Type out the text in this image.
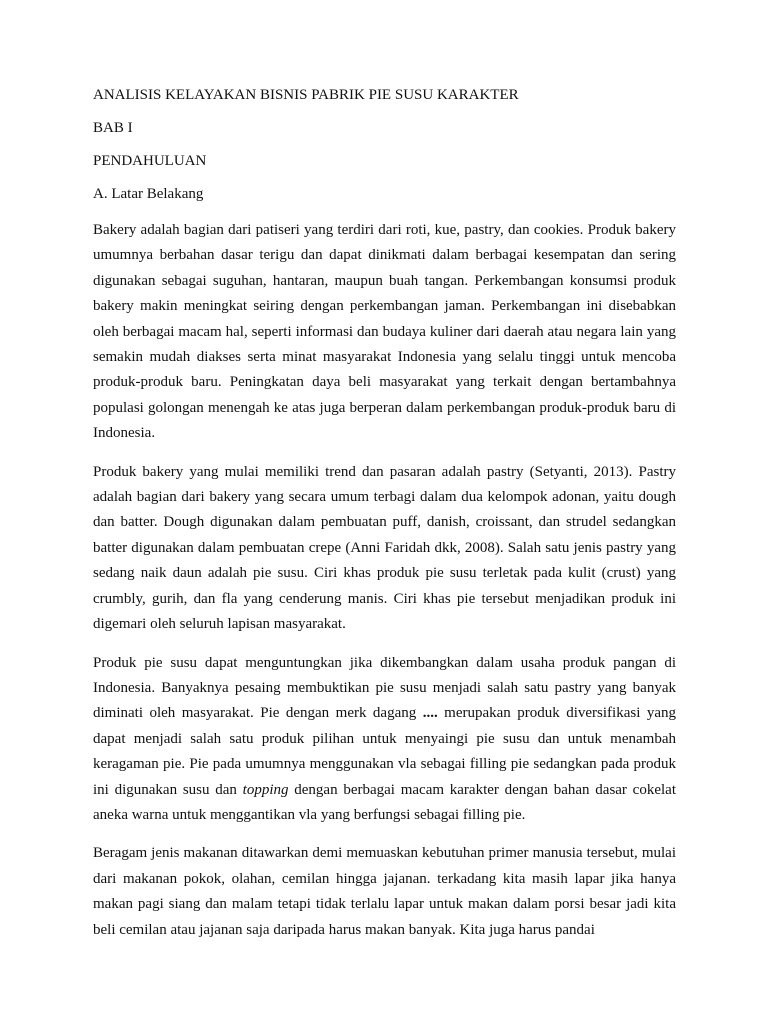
ANALISIS KELAYAKAN BISNIS PABRIK PIE SUSU KARAKTER

BAB I

PENDAHULUAN

A. Latar Belakang

Bakery adalah bagian dari patiseri yang terdiri dari roti, kue, pastry, dan cookies. Produk bakery umumnya berbahan dasar terigu dan dapat dinikmati dalam berbagai kesempatan dan sering digunakan sebagai suguhan, hantaran, maupun buah tangan. Perkembangan konsumsi produk bakery makin meningkat seiring dengan perkembangan jaman. Perkembangan ini disebabkan oleh berbagai macam hal, seperti informasi dan budaya kuliner dari daerah atau negara lain yang semakin mudah diakses serta minat masyarakat Indonesia yang selalu tinggi untuk mencoba produk-produk baru. Peningkatan daya beli masyarakat yang terkait dengan bertambahnya populasi golongan menengah ke atas juga berperan dalam perkembangan produk-produk baru di Indonesia.

Produk bakery yang mulai memiliki trend dan pasaran adalah pastry (Setyanti, 2013). Pastry adalah bagian dari bakery yang secara umum terbagi dalam dua kelompok adonan, yaitu dough dan batter. Dough digunakan dalam pembuatan puff, danish, croissant, dan strudel sedangkan batter digunakan dalam pembuatan crepe (Anni Faridah dkk, 2008). Salah satu jenis pastry yang sedang naik daun adalah pie susu. Ciri khas produk pie susu terletak pada kulit (crust) yang crumbly, gurih, dan fla yang cenderung manis. Ciri khas pie tersebut menjadikan produk ini digemari oleh seluruh lapisan masyarakat.

Produk pie susu dapat menguntungkan jika dikembangkan dalam usaha produk pangan di Indonesia. Banyaknya pesaing membuktikan pie susu menjadi salah satu pastry yang banyak diminati oleh masyarakat. Pie dengan merk dagang .... merupakan produk diversifikasi yang dapat menjadi salah satu produk pilihan untuk menyaingi pie susu dan untuk menambah keragaman pie. Pie pada umumnya menggunakan vla sebagai filling pie sedangkan pada produk ini digunakan susu dan topping dengan berbagai macam karakter dengan bahan dasar cokelat aneka warna untuk menggantikan vla yang berfungsi sebagai filling pie.

Beragam jenis makanan ditawarkan demi memuaskan kebutuhan primer manusia tersebut, mulai dari makanan pokok, olahan, cemilan hingga jajanan. terkadang kita masih lapar jika hanya makan pagi siang dan malam tetapi tidak terlalu lapar untuk makan dalam porsi besar jadi kita beli cemilan atau jajanan saja daripada harus makan banyak. Kita juga harus pandai
